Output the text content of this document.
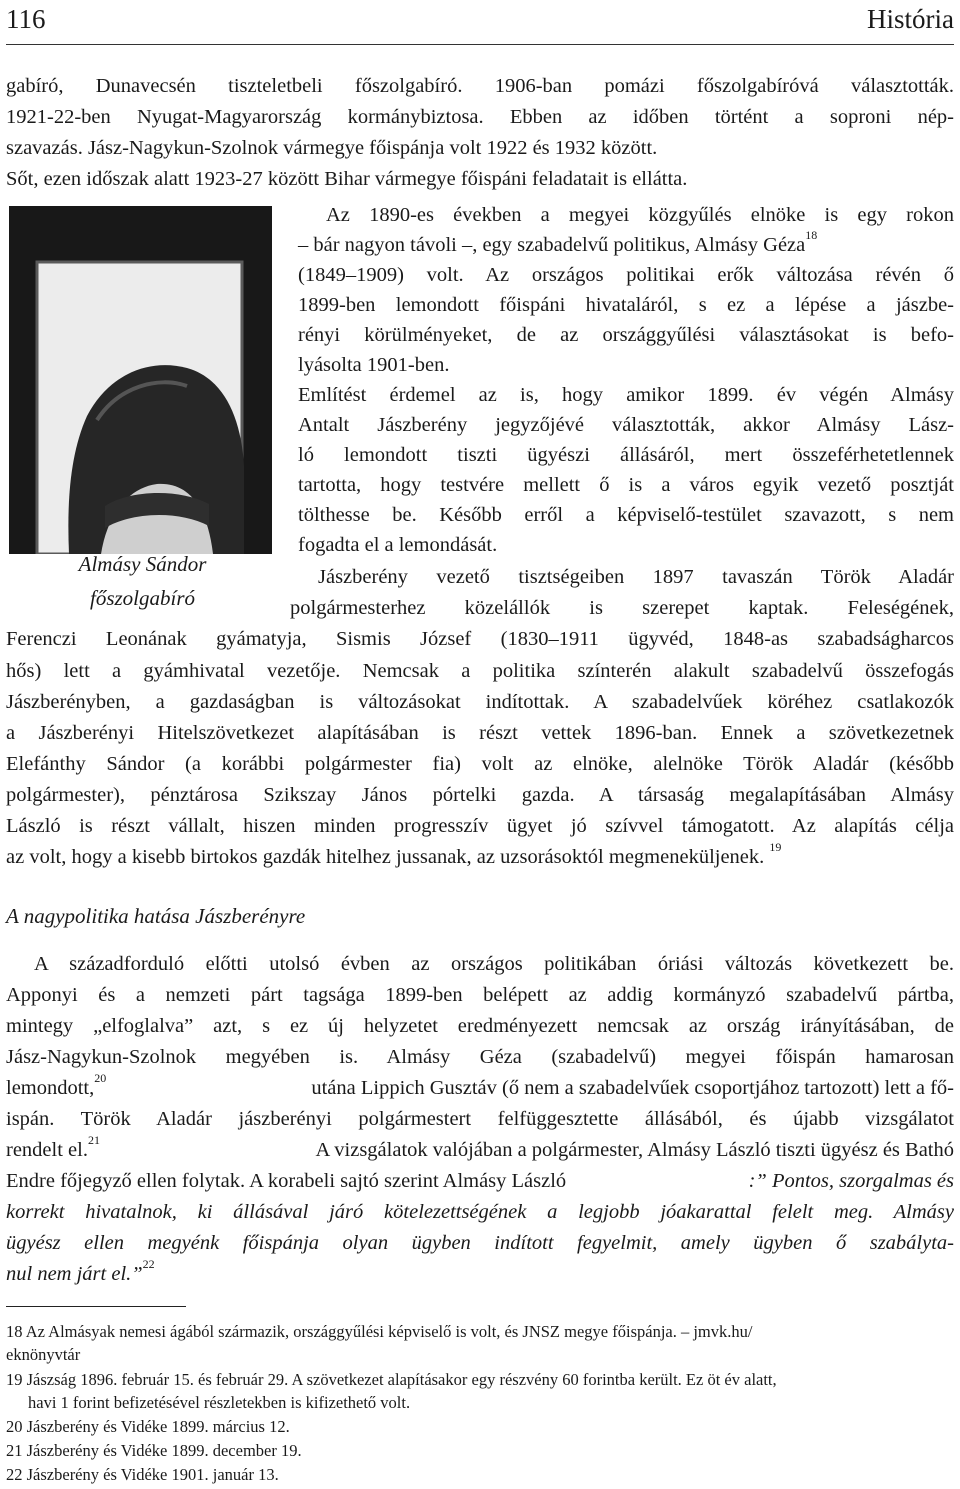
116	História
gabíró, Dunavecsén tiszteletbeli főszolgabíró. 1906-ban pomázi főszolgabíróvá választották.
1921-22-ben Nyugat-Magyarország kormánybiztosa. Ebben az időben történt a soproni nép-
szavazás. Jász-Nagykun-Szolnok vármegye főispánja volt 1922 és 1932 között.
Sőt, ezen időszak alatt 1923-27 között Bihar vármegye főispáni feladatait is ellátta.
Az 1890-es években a megyei közgyűlés elnöke is egy rokon
– bár nagyon távoli –, egy szabadelvű politikus, Almásy Géza$^{18}$
(1849–1909) volt. Az országos politikai erők változása révén ő
1899-ben lemondott főispáni hivataláról, s ez a lépése a jászbe-
rényi körülményeket, de az országgyűlési választásokat is befo-
lyásolta 1901-ben.
Említést érdemel az is, hogy amikor 1899. év végén Almásy
Antalt Jászberény jegyzőjévé választották, akkor Almásy Lász-
ló lemondott tiszti ügyészi állásáról, mert összeférhetetlennek
tartotta, hogy testvére mellett ő is a város egyik vezető posztját
tölthesse be. Később erről a képviselő-testület szavazott, s nem
fogadta el a lemondását.
Jászberény vezető tisztségeiben 1897 tavaszán Török Aladár
polgármesterhez közelállók is szerepet kaptak. Feleségének,
Almásy Sándor
főszolgabíró
Ferenczi Leonának gyámatyja, Sismis József (1830–1911 ügyvéd, 1848-as szabadságharcos
hős) lett a gyámhivatal vezetője. Nemcsak a politika színterén alakult szabadelvű összefogás
Jászberényben, a gazdaságban is változásokat indítottak. A szabadelvűek köréhez csatlakozók
a Jászberényi Hitelszövetkezet alapításában is részt vettek 1896-ban. Ennek a szövetkezetnek
Elefánthy Sándor (a korábbi polgármester fia) volt az elnöke, alelnöke Török Aladár (később
polgármester), pénztárosa Szikszay János pórtelki gazda. A társaság megalapításában Almásy
László is részt vállalt, hiszen minden progresszív ügyet jó szívvel támogatott. Az alapítás célja
az volt, hogy a kisebb birtokos gazdák hitelhez jussanak, az uzsorásoktól megmeneküljenek. $^{19}$
A nagypolitika hatása Jászberényre
A századforduló előtti utolsó évben az országos politikában óriási változás következett be.
Apponyi és a nemzeti párt tagsága 1899-ben belépett az addig kormányzó szabadelvű pártba,
mintegy „elfoglalva” azt, s ez új helyzetet eredményezett nemcsak az ország irányításában, de
Jász-Nagykun-Szolnok megyében is. Almásy Géza (szabadelvű) megyei főispán hamarosan
lemondott,$^{20}$	utána Lippich Gusztáv (ő nem a szabadelvűek csoportjához tartozott) lett a fő-
ispán. Török Aladár jászberényi polgármestert felfüggesztette állásából, és újabb vizsgálatot
rendelt el.$^{21}$	A vizsgálatok valójában a polgármester, Almásy László tiszti ügyész és Bathó
Endre főjegyző ellen folytak. A korabeli sajtó szerint Almásy László	:” Pontos, szorgalmas és
korrekt hivatalnok, ki állásával járó kötelezettségének a legjobb jóakarattal felelt meg. Almásy
ügyész ellen megyénk főispánja olyan ügyben indított fegyelmit, amely ügyben ő szabályta-
nul nem járt el.”$^{22}$
18 Az Almásyak nemesi ágából származik, országgyűlési képviselő is volt, és JNSZ megye főispánja. – jmvk.hu/
eknönyvtár
19 Jászság 1896. február 15. és február 29. A szövetkezet alapításakor egy részvény 60 forintba került. Ez öt év alatt,
havi 1 forint befizetésével részletekben is kifizethető volt.
20 Jászberény és Vidéke 1899. március 12.
21 Jászberény és Vidéke 1899. december 19.
22 Jászberény és Vidéke 1901. január 13.
